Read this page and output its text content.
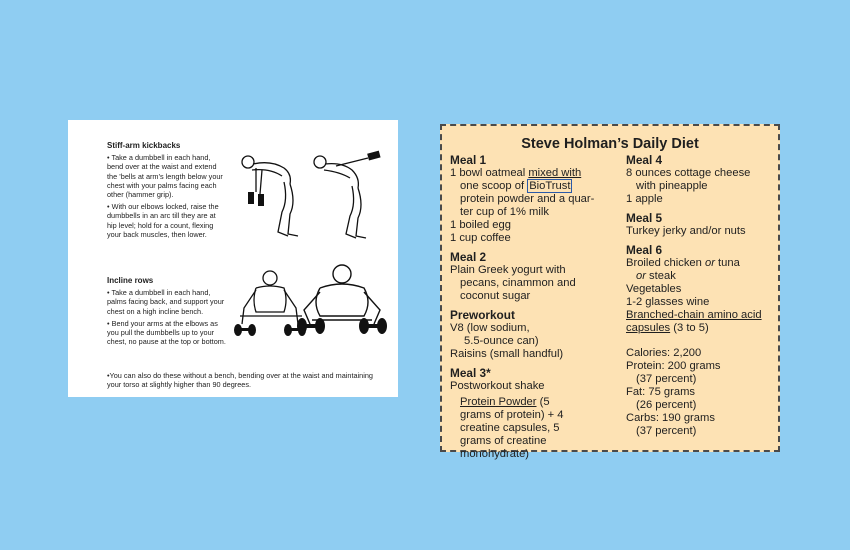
Stiff-arm kickbacks

• Take a dumbbell in each hand, bend over at the waist and extend the ’bells at arm’s length below your chest with your palms facing each other (hammer grip).

• With our elbows locked, raise the dumbbells in an arc till they are at hip level; hold for a count, flexing your back muscles, then lower.

Incline rows

• Take a dumbbell in each hand, palms facing back, and support your chest on a high incline bench.

• Bend your arms at the elbows as you pull the dumbbells up to your chest, no pause at the top or bottom.

•You can also do these without a bench, bending over at the waist and maintaining your torso at slightly higher than 90 degrees.
Steve Holman’s Daily Diet
Meal 1
1 bowl oatmeal mixed with
one scoop of BioTrust
protein powder and a quar-
ter cup of 1% milk
1 boiled egg
1 cup coffee
Meal 2
Plain Greek yogurt with
pecans, cinammon and
coconut sugar
Preworkout
V8 (low sodium,
5.5-ounce can)
Raisins (small handful)
Meal 3*
Postworkout shake
Protein Powder (5
grams of protein) + 4
creatine capsules, 5
grams of creatine
monohydrate)
Meal 4
8 ounces cottage cheese
with pineapple
1 apple
Meal 5
Turkey jerky and/or nuts
Meal 6
Broiled chicken or tuna
or steak
Vegetables
1-2 glasses wine
Branched-chain amino acid
capsules (3 to 5)
Calories: 2,200
Protein: 200 grams
(37 percent)
Fat: 75 grams
(26 percent)
Carbs: 190 grams
(37 percent)
